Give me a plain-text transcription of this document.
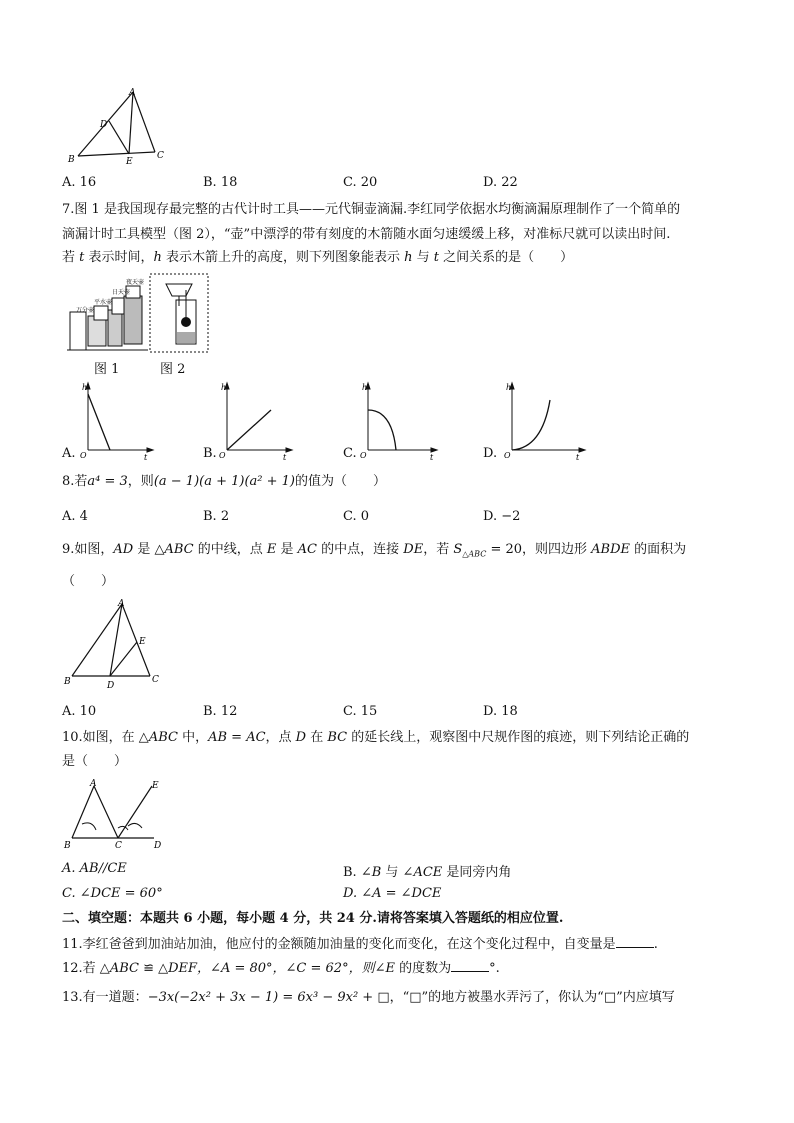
A
D
B	E
C
A. 16	B. 18	C. 20	D. 22
7.图 1 是我国现存最完整的古代计时工具——元代铜壶滴漏.李红同学依据水均衡滴漏原理制作了一个简单的
滴漏计时工具模型（图 2），“壶”中漂浮的带有刻度的木箭随水面匀速缓缓上移，对准标尺就可以读出时间.
若 t 表示时间，h 表示木箭上升的高度，则下列图象能表示 h 与 t 之间关系的是（　　）
万分壶
平水壶
日天壶
夜天壶
图 1	图 2
A.
h
O	t	B.
h
O	t	C.
h
O	t	D.
h
O	t
8.若a⁴ = 3，则(a − 1)(a + 1)(a² + 1)的值为（　　）
A. 4	B. 2	C. 0	D. −2
9.如图，AD 是 △ABC 的中线，点 E 是 AC 的中点，连接 DE，若 $S_{\triangle ABC} = 20$，则四边形 ABDE 的面积为
（　　）
A
E
B	D
C
A. 10	B. 12	C. 15	D. 18
10.如图，在 △ABC 中，AB = AC，点 D 在 BC 的延长线上，观察图中尺规作图的痕迹，则下列结论正确的
是（　　）
A	E
B	C	D
A. AB//CE	B. ∠B 与 ∠ACE 是同旁内角
C. ∠DCE = 60°	D. ∠A = ∠DCE
二、填空题：本题共 6 小题，每小题 4 分，共 24 分.请将答案填入答题纸的相应位置.
11.李红爸爸到加油站加油，他应付的金额随加油量的变化而变化，在这个变化过程中，自变量是	.
12.若 △ABC ≌ △DEF，∠A = 80°，∠C = 62°，则∠E 的度数为	°.
13.有一道题：−3x(−2x² + 3x − 1) = 6x³ − 9x² + □，“□”的地方被墨水弄污了，你认为“□”内应填写
